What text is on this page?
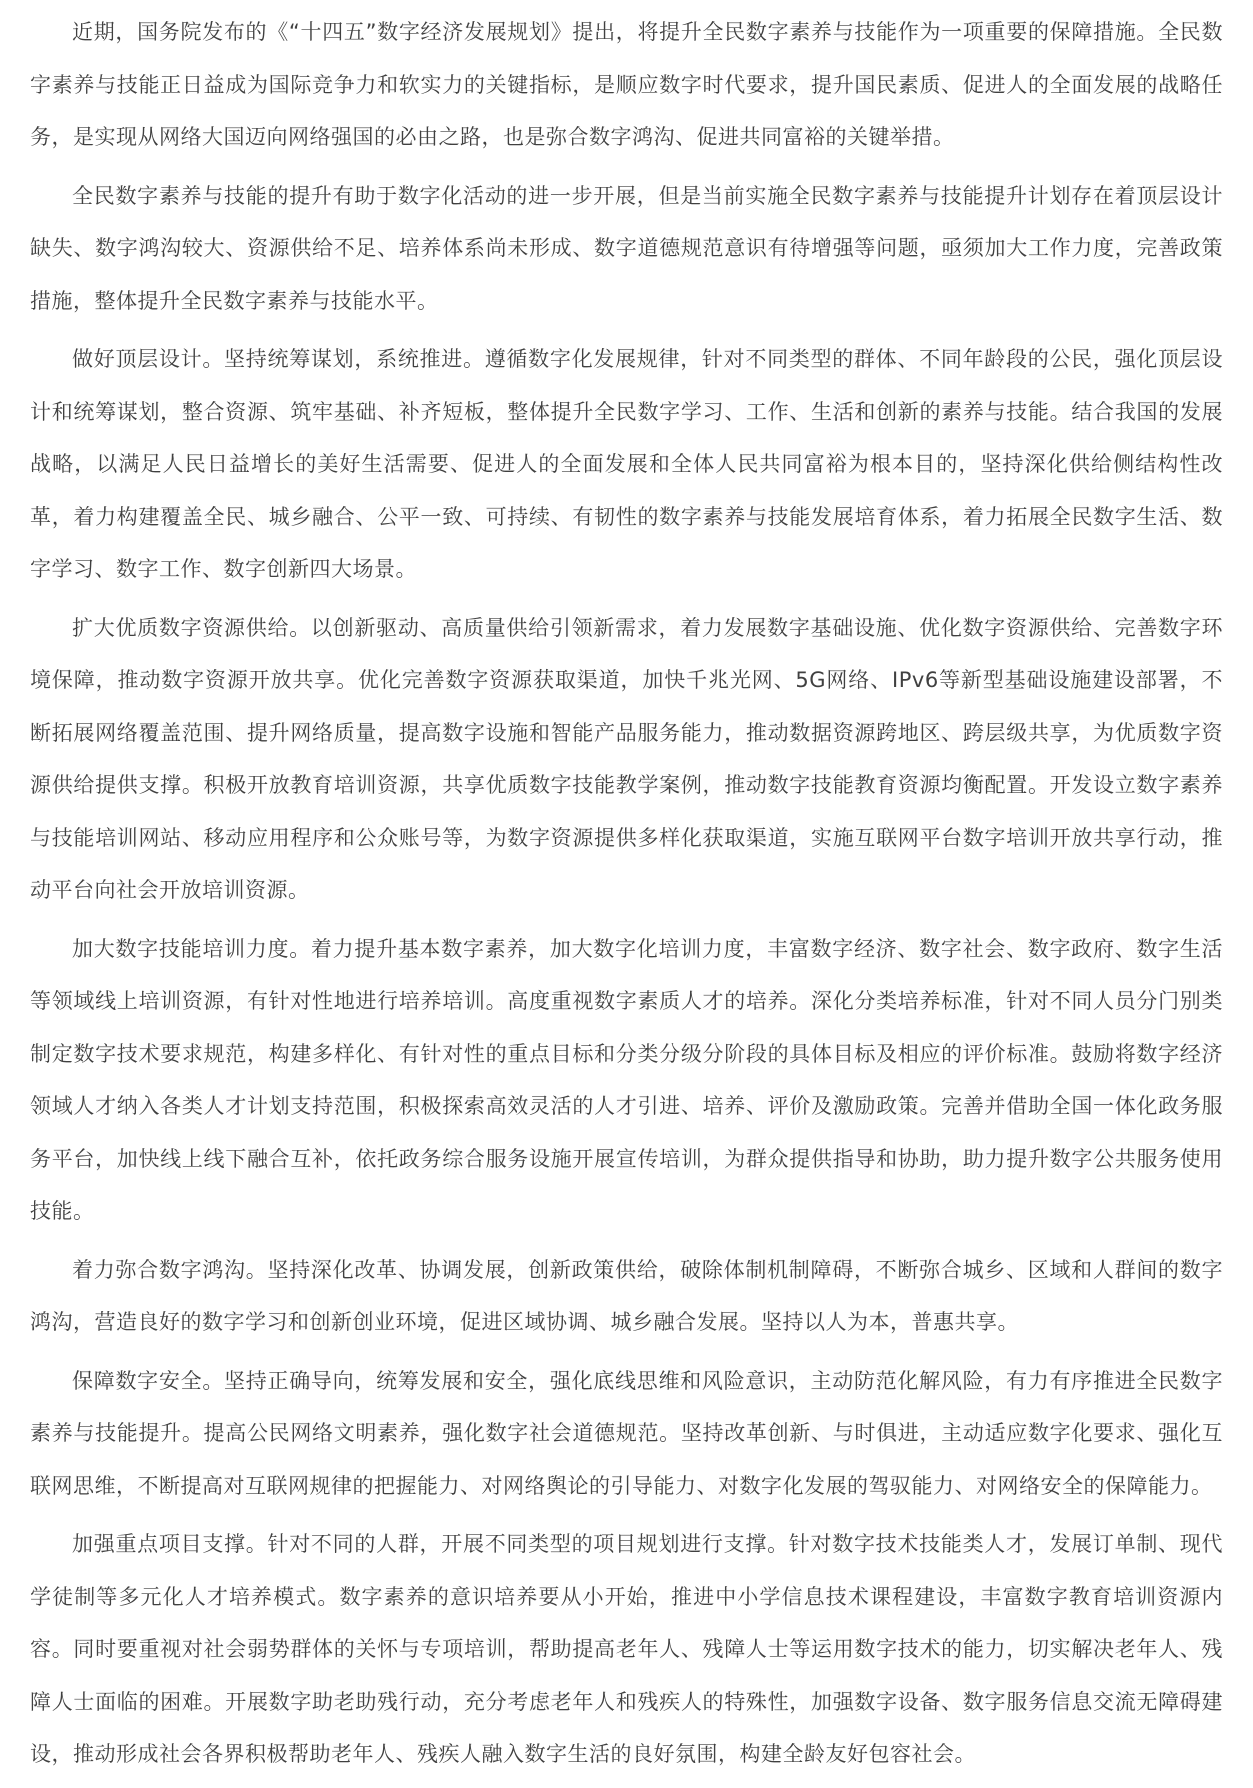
近期，国务院发布的《“十四五”数字经济发展规划》提出，将提升全民数字素养与技能作为一项重要的保障措施。全民数字素养与技能正日益成为国际竞争力和软实力的关键指标，是顺应数字时代要求，提升国民素质、促进人的全面发展的战略任务，是实现从网络大国迈向网络强国的必由之路，也是弥合数字鸿沟、促进共同富裕的关键举措。

全民数字素养与技能的提升有助于数字化活动的进一步开展，但是当前实施全民数字素养与技能提升计划存在着顶层设计缺失、数字鸿沟较大、资源供给不足、培养体系尚未形成、数字道德规范意识有待增强等问题，亟须加大工作力度，完善政策措施，整体提升全民数字素养与技能水平。

做好顶层设计。坚持统筹谋划，系统推进。遵循数字化发展规律，针对不同类型的群体、不同年龄段的公民，强化顶层设计和统筹谋划，整合资源、筑牢基础、补齐短板，整体提升全民数字学习、工作、生活和创新的素养与技能。结合我国的发展战略，以满足人民日益增长的美好生活需要、促进人的全面发展和全体人民共同富裕为根本目的，坚持深化供给侧结构性改革，着力构建覆盖全民、城乡融合、公平一致、可持续、有韧性的数字素养与技能发展培育体系，着力拓展全民数字生活、数字学习、数字工作、数字创新四大场景。

扩大优质数字资源供给。以创新驱动、高质量供给引领新需求，着力发展数字基础设施、优化数字资源供给、完善数字环境保障，推动数字资源开放共享。优化完善数字资源获取渠道，加快千兆光网、5G网络、IPv6等新型基础设施建设部署，不断拓展网络覆盖范围、提升网络质量，提高数字设施和智能产品服务能力，推动数据资源跨地区、跨层级共享，为优质数字资源供给提供支撑。积极开放教育培训资源，共享优质数字技能教学案例，推动数字技能教育资源均衡配置。开发设立数字素养与技能培训网站、移动应用程序和公众账号等，为数字资源提供多样化获取渠道，实施互联网平台数字培训开放共享行动，推动平台向社会开放培训资源。

加大数字技能培训力度。着力提升基本数字素养，加大数字化培训力度，丰富数字经济、数字社会、数字政府、数字生活等领域线上培训资源，有针对性地进行培养培训。高度重视数字素质人才的培养。深化分类培养标准，针对不同人员分门别类制定数字技术要求规范，构建多样化、有针对性的重点目标和分类分级分阶段的具体目标及相应的评价标准。鼓励将数字经济领域人才纳入各类人才计划支持范围，积极探索高效灵活的人才引进、培养、评价及激励政策。完善并借助全国一体化政务服务平台，加快线上线下融合互补，依托政务综合服务设施开展宣传培训，为群众提供指导和协助，助力提升数字公共服务使用技能。

着力弥合数字鸿沟。坚持深化改革、协调发展，创新政策供给，破除体制机制障碍，不断弥合城乡、区域和人群间的数字鸿沟，营造良好的数字学习和创新创业环境，促进区域协调、城乡融合发展。坚持以人为本，普惠共享。

保障数字安全。坚持正确导向，统筹发展和安全，强化底线思维和风险意识，主动防范化解风险，有力有序推进全民数字素养与技能提升。提高公民网络文明素养，强化数字社会道德规范。坚持改革创新、与时俱进，主动适应数字化要求、强化互联网思维，不断提高对互联网规律的把握能力、对网络舆论的引导能力、对数字化发展的驾驭能力、对网络安全的保障能力。

加强重点项目支撑。针对不同的人群，开展不同类型的项目规划进行支撑。针对数字技术技能类人才，发展订单制、现代学徒制等多元化人才培养模式。数字素养的意识培养要从小开始，推进中小学信息技术课程建设，丰富数字教育培训资源内容。同时要重视对社会弱势群体的关怀与专项培训，帮助提高老年人、残障人士等运用数字技术的能力，切实解决老年人、残障人士面临的困难。开展数字助老助残行动，充分考虑老年人和残疾人的特殊性，加强数字设备、数字服务信息交流无障碍建设，推动形成社会各界积极帮助老年人、残疾人融入数字生活的良好氛围，构建全龄友好包容社会。
